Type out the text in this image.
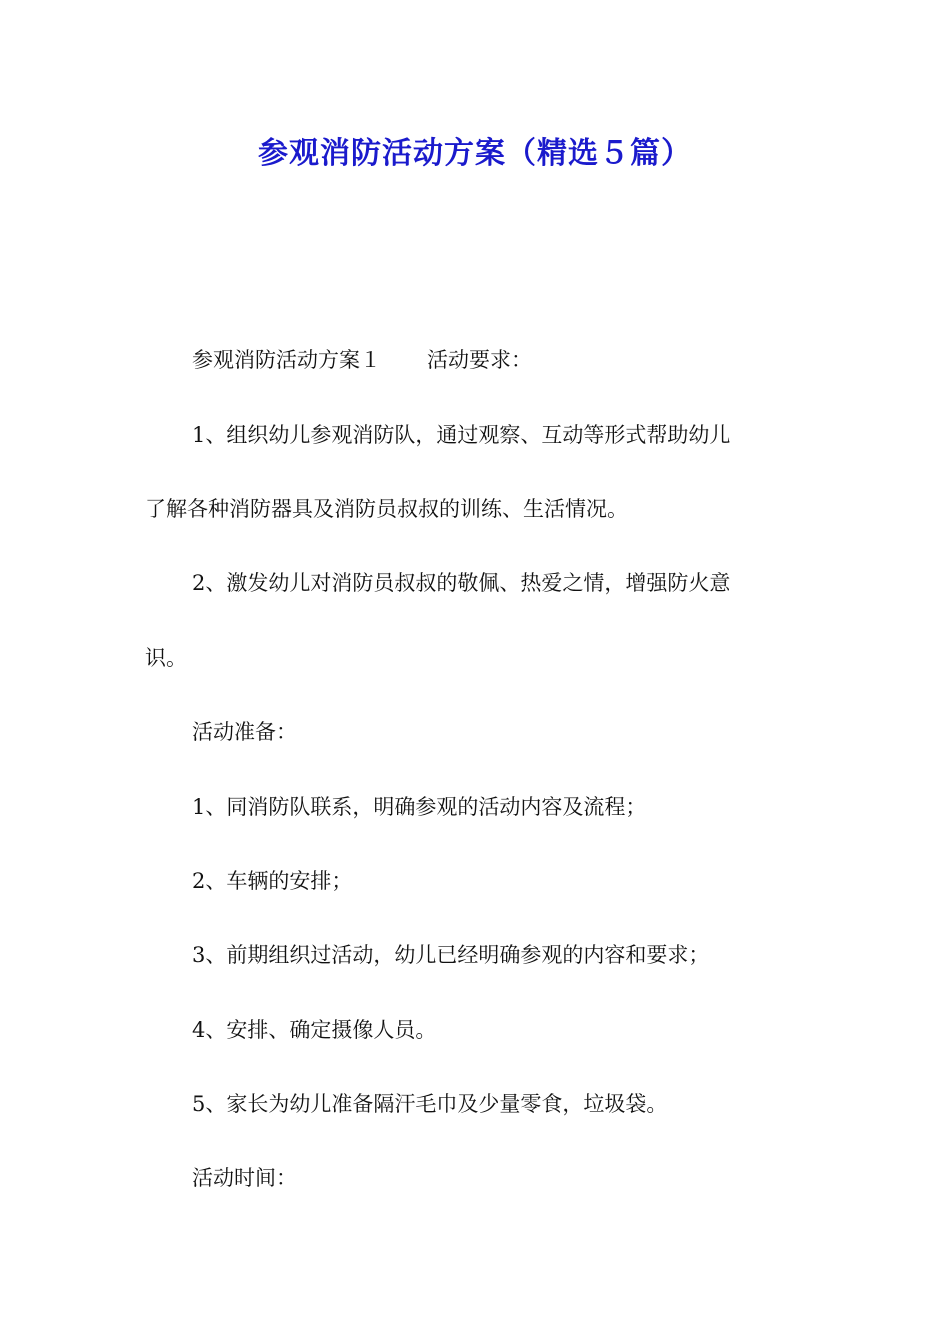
参观消防活动方案（精选５篇）

参观消防活动方案１ 活动要求：

1、组织幼儿参观消防队，通过观察、互动等形式帮助幼儿

了解各种消防器具及消防员叔叔的训练、生活情况。

2、激发幼儿对消防员叔叔的敬佩、热爱之情，增强防火意

识。

活动准备：

1、同消防队联系，明确参观的活动内容及流程；

2、车辆的安排；

3、前期组织过活动，幼儿已经明确参观的内容和要求；

4、安排、确定摄像人员。

5、家长为幼儿准备隔汗毛巾及少量零食，垃圾袋。

活动时间：
